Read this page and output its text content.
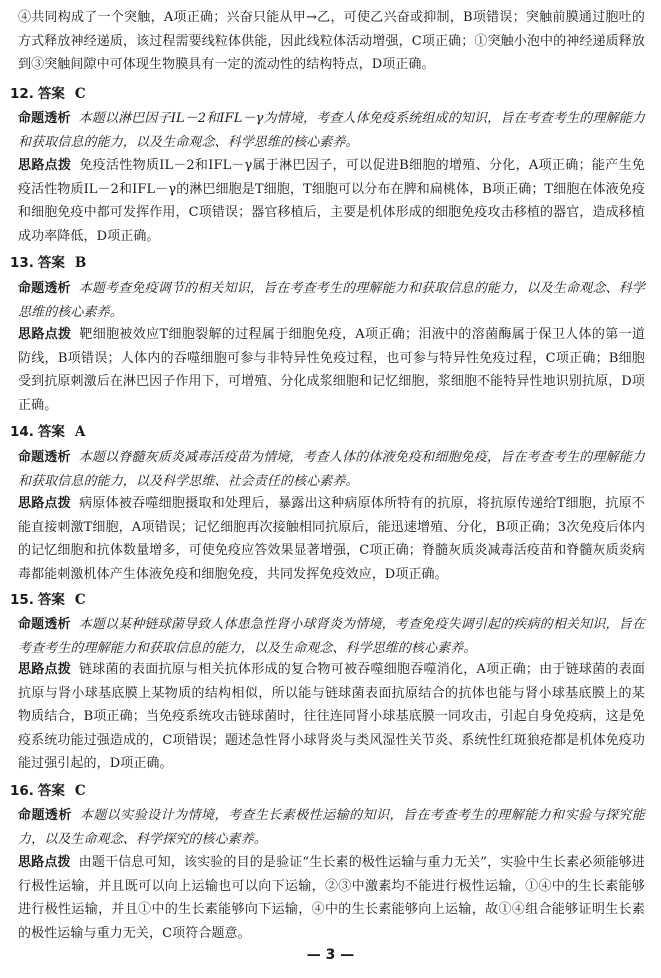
④共同构成了一个突触，A项正确；兴奋只能从甲→乙，可使乙兴奋或抑制，B项错误；突触前膜通过胞吐的方式释放神经递质，该过程需要线粒体供能，因此线粒体活动增强，C项正确；①突触小泡中的神经递质释放到③突触间隙中可体现生物膜具有一定的流动性的结构特点，D项正确。
12. 答案 C
命题透析 本题以淋巴因子IL－2和IFL－γ为情境，考查人体免疫系统组成的知识，旨在考查考生的理解能力和获取信息的能力，以及生命观念、科学思维的核心素养。
思路点拨 免疫活性物质IL－2和IFL－γ属于淋巴因子，可以促进B细胞的增殖、分化，A项正确；能产生免疫活性物质IL－2和IFL－γ的淋巴细胞是T细胞，T细胞可以分布在脾和扁桃体，B项正确；T细胞在体液免疫和细胞免疫中都可发挥作用，C项错误；器官移植后，主要是机体形成的细胞免疫攻击移植的器官，造成移植成功率降低，D项正确。
13. 答案 B
命题透析 本题考查免疫调节的相关知识，旨在考查考生的理解能力和获取信息的能力，以及生命观念、科学思维的核心素养。
思路点拨 靶细胞被效应T细胞裂解的过程属于细胞免疫，A项正确；泪液中的溶菌酶属于保卫人体的第一道防线，B项错误；人体内的吞噬细胞可参与非特异性免疫过程，也可参与特异性免疫过程，C项正确；B细胞受到抗原刺激后在淋巴因子作用下，可增殖、分化成浆细胞和记忆细胞，浆细胞不能特异性地识别抗原，D项正确。
14. 答案 A
命题透析 本题以脊髓灰质炎减毒活疫苗为情境，考查人体的体液免疫和细胞免疫，旨在考查考生的理解能力和获取信息的能力，以及科学思维、社会责任的核心素养。
思路点拨 病原体被吞噬细胞摄取和处理后，暴露出这种病原体所特有的抗原，将抗原传递给T细胞，抗原不能直接刺激T细胞，A项错误；记忆细胞再次接触相同抗原后，能迅速增殖、分化，B项正确；3次免疫后体内的记忆细胞和抗体数量增多，可使免疫应答效果显著增强，C项正确；脊髓灰质炎减毒活疫苗和脊髓灰质炎病毒都能刺激机体产生体液免疫和细胞免疫，共同发挥免疫效应，D项正确。
15. 答案 C
命题透析 本题以某种链球菌导致人体患急性肾小球肾炎为情境，考查免疫失调引起的疾病的相关知识，旨在考查考生的理解能力和获取信息的能力，以及生命观念、科学思维的核心素养。
思路点拨 链球菌的表面抗原与相关抗体形成的复合物可被吞噬细胞吞噬消化，A项正确；由于链球菌的表面抗原与肾小球基底膜上某物质的结构相似，所以能与链球菌表面抗原结合的抗体也能与肾小球基底膜上的某物质结合，B项正确；当免疫系统攻击链球菌时，往往连同肾小球基底膜一同攻击，引起自身免疫病，这是免疫系统功能过强造成的，C项错误；题述急性肾小球肾炎与类风湿性关节炎、系统性红斑狼疮都是机体免疫功能过强引起的，D项正确。
16. 答案 C
命题透析 本题以实验设计为情境，考查生长素极性运输的知识，旨在考查考生的理解能力和实验与探究能力，以及生命观念、科学探究的核心素养。
思路点拨 由题干信息可知，该实验的目的是验证“生长素的极性运输与重力无关”，实验中生长素必须能够进行极性运输，并且既可以向上运输也可以向下运输，②③中激素均不能进行极性运输，①④中的生长素能够进行极性运输，并且①中的生长素能够向下运输，④中的生长素能够向上运输，故①④组合能够证明生长素的极性运输与重力无关，C项符合题意。
— 3 —
